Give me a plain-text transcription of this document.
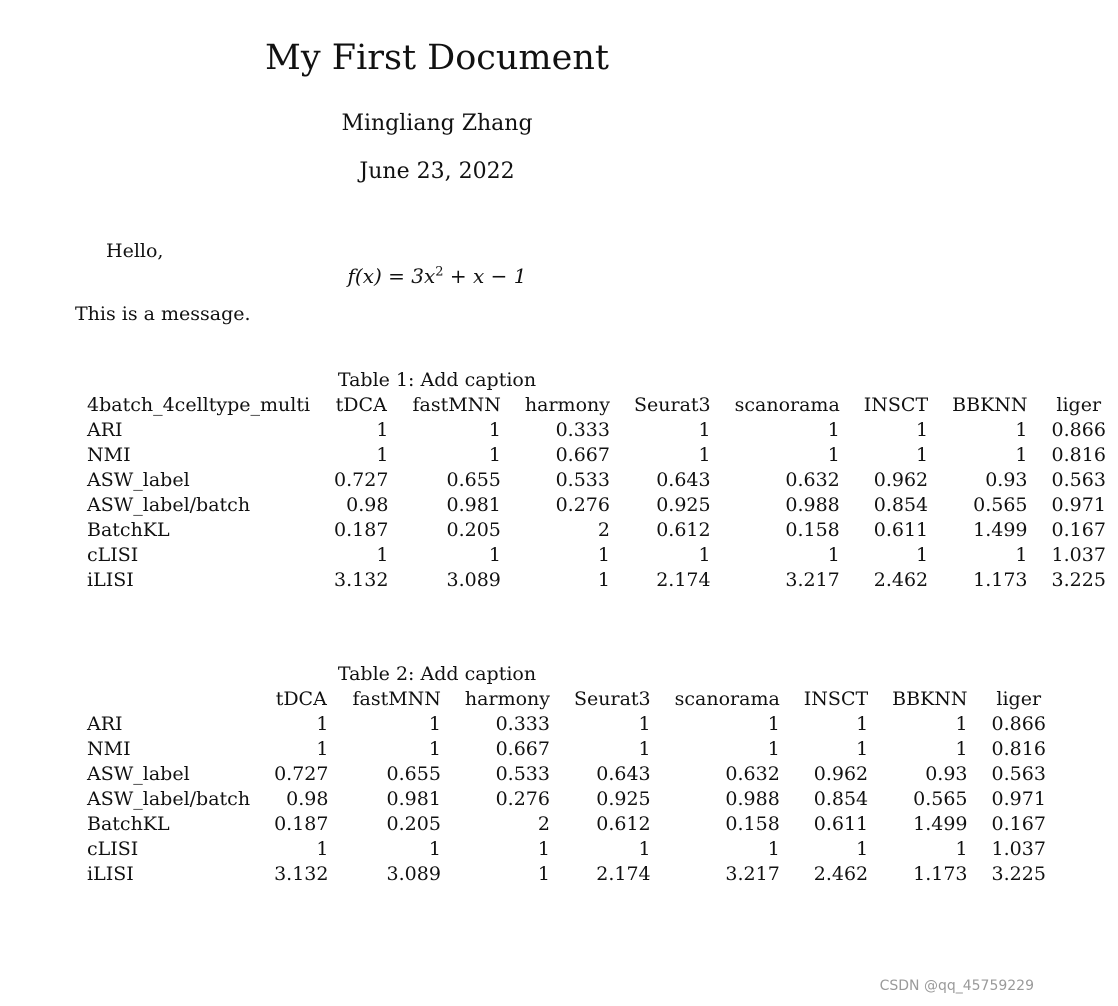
My First Document
Mingliang Zhang
June 23, 2022
Hello,
$f(x) = 3x^2 + x - 1$
This is a message.
Table 1: Add caption
4batch_4celltype_multi	tDCA	fastMNN	harmony	Seurat3	scanorama	INSCT	BBKNN	liger
ARI	1	1	0.333	1	1	1	1	0.866
NMI	1	1	0.667	1	1	1	1	0.816
ASW_label	0.727	0.655	0.533	0.643	0.632	0.962	0.93	0.563
ASW_label/batch	0.98	0.981	0.276	0.925	0.988	0.854	0.565	0.971
BatchKL	0.187	0.205	2	0.612	0.158	0.611	1.499	0.167
cLISI	1	1	1	1	1	1	1	1.037
iLISI	3.132	3.089	1	2.174	3.217	2.462	1.173	3.225
Table 2: Add caption
	tDCA	fastMNN	harmony	Seurat3	scanorama	INSCT	BBKNN	liger
ARI	1	1	0.333	1	1	1	1	0.866
NMI	1	1	0.667	1	1	1	1	0.816
ASW_label	0.727	0.655	0.533	0.643	0.632	0.962	0.93	0.563
ASW_label/batch	0.98	0.981	0.276	0.925	0.988	0.854	0.565	0.971
BatchKL	0.187	0.205	2	0.612	0.158	0.611	1.499	0.167
cLISI	1	1	1	1	1	1	1	1.037
iLISI	3.132	3.089	1	2.174	3.217	2.462	1.173	3.225
CSDN @qq_45759229
